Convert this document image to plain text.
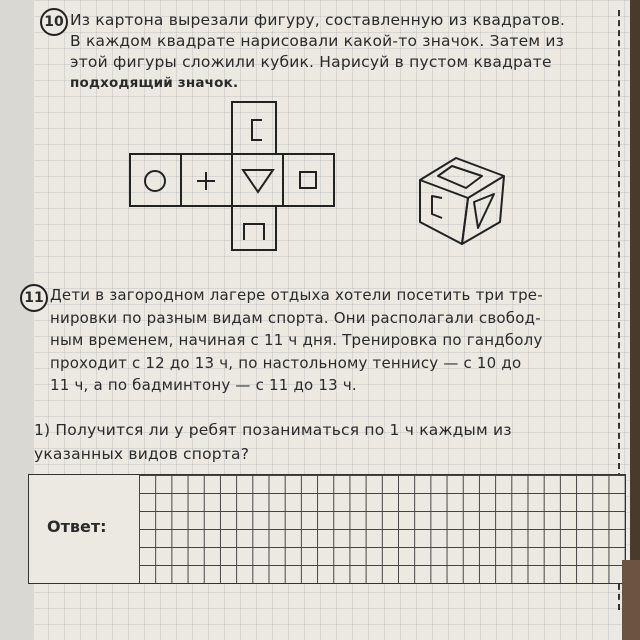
10 Из картона вырезали фигуру, составленную из квадратов.
В каждом квадрате нарисовали какой-то значок. Затем из
этой фигуры сложили кубик. Нарисуй в пустом квадрате
подходящий значок.
11 Дети в загородном лагере отдыха хотели посетить три тре-
нировки по разным видам спорта. Они располагали свобод-
ным временем, начиная с 11 ч дня. Тренировка по гандболу
проходит с 12 до 13 ч, по настольному теннису — с 10 до
11 ч, а по бадминтону — с 11 до 13 ч.
1) Получится ли у ребят позаниматься по 1 ч каждым из
указанных видов спорта?
Ответ:
